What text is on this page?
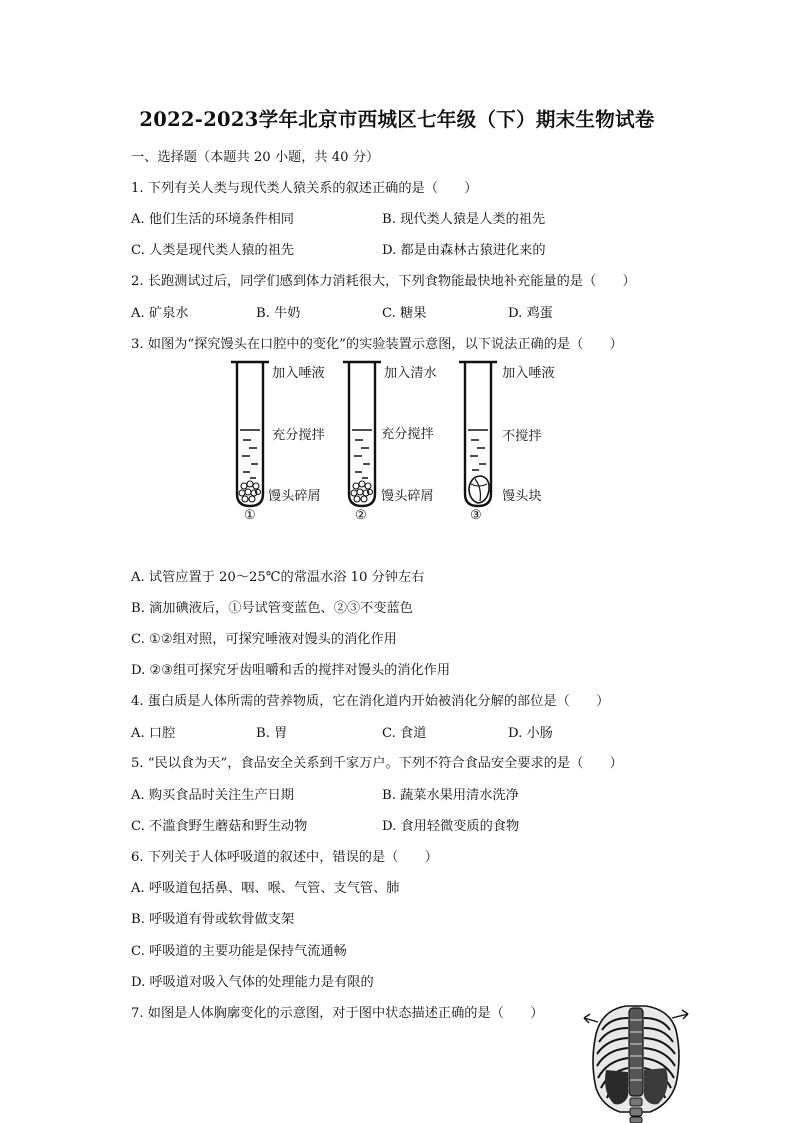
2022-2023学年北京市西城区七年级（下）期末生物试卷
一、选择题（本题共 20 小题，共 40 分）
1. 下列有关人类与现代类人猿关系的叙述正确的是（　　）
A. 他们生活的环境条件相同	B. 现代类人猿是人类的祖先
C. 人类是现代类人猿的祖先	D. 都是由森林古猿进化来的
2. 长跑测试过后，同学们感到体力消耗很大，下列食物能最快地补充能量的是（　　）
A. 矿泉水	B. 牛奶	C. 糖果	D. 鸡蛋
3. 如图为“探究馒头在口腔中的变化”的实验装置示意图，以下说法正确的是（　　）
加入唾液
充分搅拌
馒头碎屑
①
加入清水
充分搅拌
馒头碎屑
②
加入唾液
不搅拌
馒头块
③
A. 试管应置于 20～25℃的常温水浴 10 分钟左右
B. 滴加碘液后，①号试管变蓝色、②③不变蓝色
C. ①②组对照，可探究唾液对馒头的消化作用
D. ②③组可探究牙齿咀嚼和舌的搅拌对馒头的消化作用
4. 蛋白质是人体所需的营养物质，它在消化道内开始被消化分解的部位是（　　）
A. 口腔	B. 胃	C. 食道	D. 小肠
5. “民以食为天”，食品安全关系到千家万户。下列不符合食品安全要求的是（　　）
A. 购买食品时关注生产日期	B. 蔬菜水果用清水洗净
C. 不滥食野生蘑菇和野生动物	D. 食用轻微变质的食物
6. 下列关于人体呼吸道的叙述中，错误的是（　　）
A. 呼吸道包括鼻、咽、喉、气管、支气管、肺
B. 呼吸道有骨或软骨做支架
C. 呼吸道的主要功能是保持气流通畅
D. 呼吸道对吸入气体的处理能力是有限的
7. 如图是人体胸廓变化的示意图，对于图中状态描述正确的是（　　）
